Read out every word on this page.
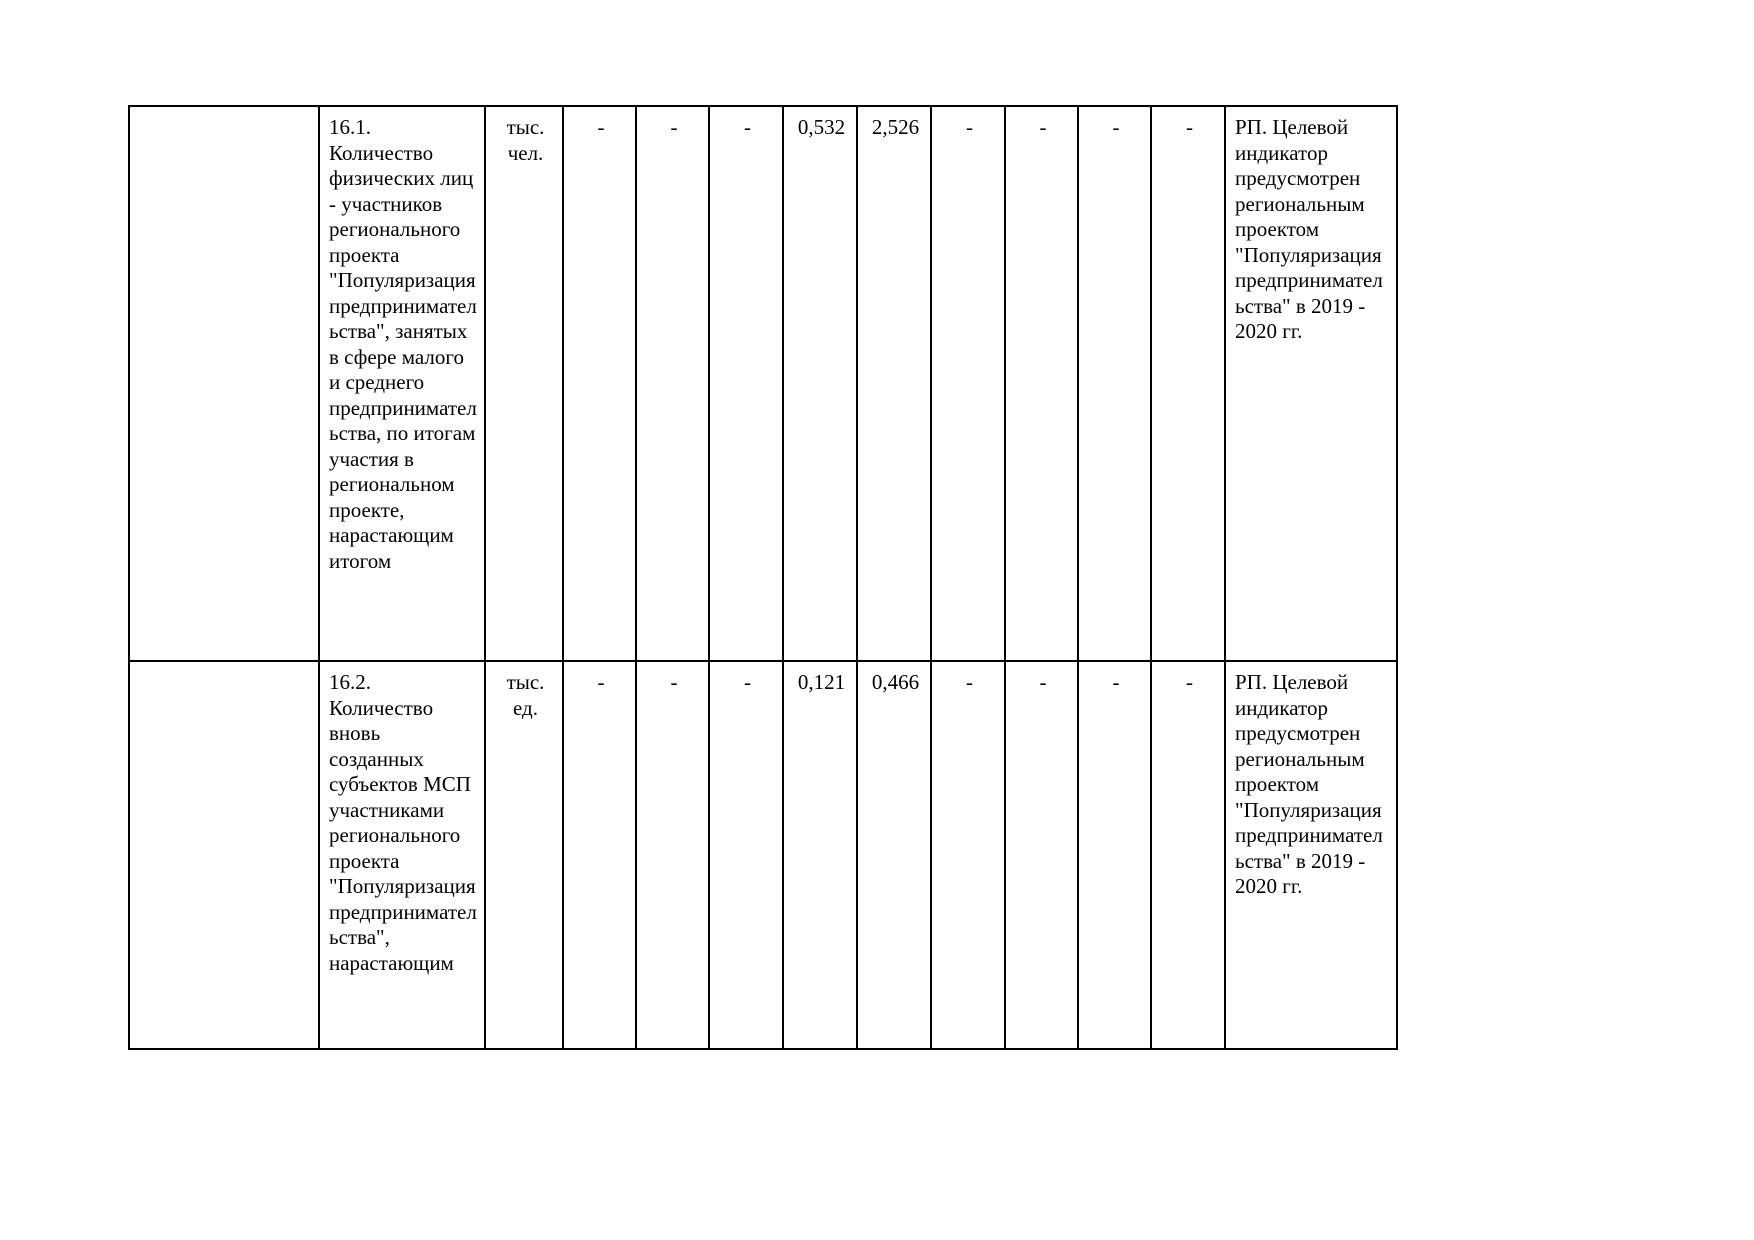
	16.1. Количество физических лиц - участников регионального проекта "Популяризация предпринимательства", занятых в сфере малого и среднего предпринимательства, по итогам участия в региональном проекте, нарастающим итогом	тыс. чел.	-	-	-	0,532	2,526	-	-	-	-	РП. Целевой индикатор предусмотрен региональным проектом "Популяризация предпринимательства" в 2019 - 2020 гг.
	16.2. Количество вновь созданных субъектов МСП участниками регионального проекта "Популяризация предпринимательства", нарастающим	тыс. ед.	-	-	-	0,121	0,466	-	-	-	-	РП. Целевой индикатор предусмотрен региональным проектом "Популяризация предпринимательства" в 2019 - 2020 гг.
